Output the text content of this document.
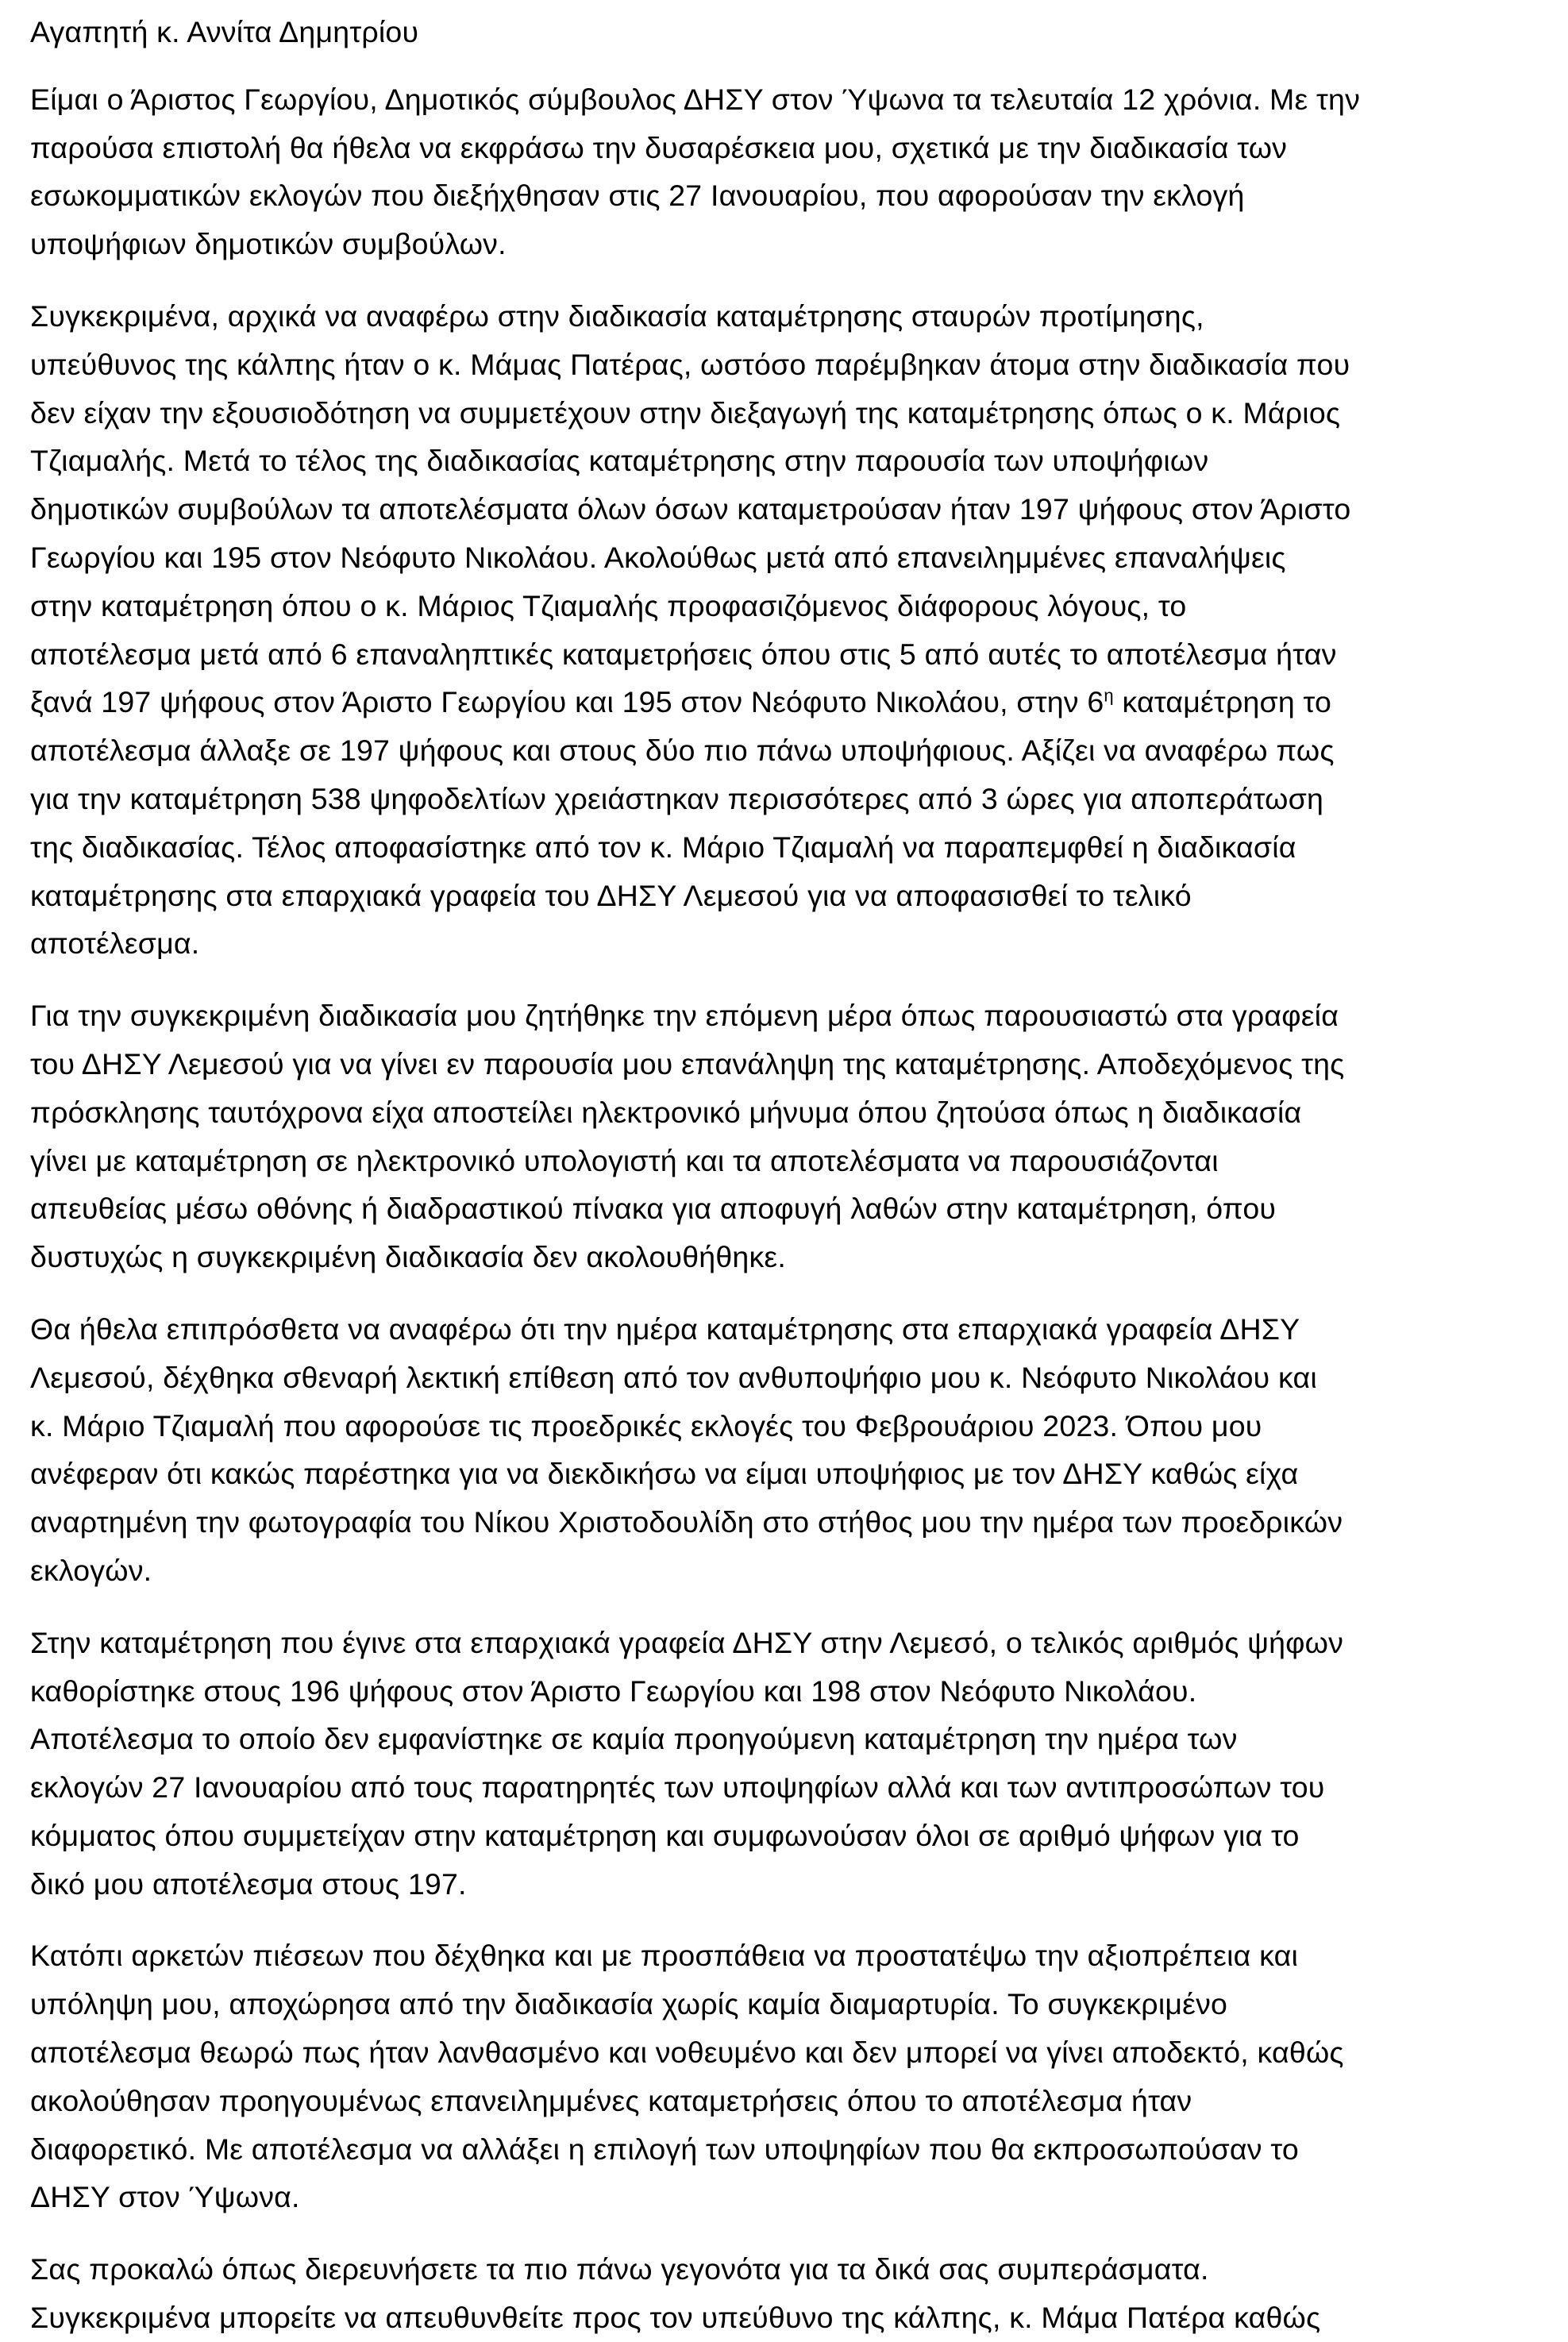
Αγαπητή κ. Αννίτα Δημητρίου
Είμαι ο Άριστος Γεωργίου, Δημοτικός σύμβουλος ΔΗΣΥ στον Ύψωνα τα τελευταία 12 χρόνια. Με την
παρούσα επιστολή θα ήθελα να εκφράσω την δυσαρέσκεια μου, σχετικά με την διαδικασία των
εσωκομματικών εκλογών που διεξήχθησαν στις 27 Ιανουαρίου, που αφορούσαν την εκλογή
υποψήφιων δημοτικών συμβούλων.
Συγκεκριμένα, αρχικά να αναφέρω στην διαδικασία καταμέτρησης σταυρών προτίμησης,
υπεύθυνος της κάλπης ήταν ο κ. Μάμας Πατέρας, ωστόσο παρέμβηκαν άτομα στην διαδικασία που
δεν είχαν την εξουσιοδότηση να συμμετέχουν στην διεξαγωγή της καταμέτρησης όπως ο κ. Μάριος
Τζιαμαλής. Μετά το τέλος της διαδικασίας καταμέτρησης στην παρουσία των υποψήφιων
δημοτικών συμβούλων τα αποτελέσματα όλων όσων καταμετρούσαν ήταν 197 ψήφους στον Άριστο
Γεωργίου και 195 στον Νεόφυτο Νικολάου. Ακολούθως μετά από επανειλημμένες επαναλήψεις
στην καταμέτρηση όπου ο κ. Μάριος Τζιαμαλής προφασιζόμενος διάφορους λόγους, το
αποτέλεσμα μετά από 6 επαναληπτικές καταμετρήσεις όπου στις 5 από αυτές το αποτέλεσμα ήταν
ξανά 197 ψήφους στον Άριστο Γεωργίου και 195 στον Νεόφυτο Νικολάου, στην $6^\eta$ καταμέτρηση το
αποτέλεσμα άλλαξε σε 197 ψήφους και στους δύο πιο πάνω υποψήφιους. Αξίζει να αναφέρω πως
για την καταμέτρηση 538 ψηφοδελτίων χρειάστηκαν περισσότερες από 3 ώρες για αποπεράτωση
της διαδικασίας. Τέλος αποφασίστηκε από τον κ. Μάριο Τζιαμαλή να παραπεμφθεί η διαδικασία
καταμέτρησης στα επαρχιακά γραφεία του ΔΗΣΥ Λεμεσού για να αποφασισθεί το τελικό
αποτέλεσμα.
Για την συγκεκριμένη διαδικασία μου ζητήθηκε την επόμενη μέρα όπως παρουσιαστώ στα γραφεία
του ΔΗΣΥ Λεμεσού για να γίνει εν παρουσία μου επανάληψη της καταμέτρησης. Αποδεχόμενος της
πρόσκλησης ταυτόχρονα είχα αποστείλει ηλεκτρονικό μήνυμα όπου ζητούσα όπως η διαδικασία
γίνει με καταμέτρηση σε ηλεκτρονικό υπολογιστή και τα αποτελέσματα να παρουσιάζονται
απευθείας μέσω οθόνης ή διαδραστικού πίνακα για αποφυγή λαθών στην καταμέτρηση, όπου
δυστυχώς η συγκεκριμένη διαδικασία δεν ακολουθήθηκε.
Θα ήθελα επιπρόσθετα να αναφέρω ότι την ημέρα καταμέτρησης στα επαρχιακά γραφεία ΔΗΣΥ
Λεμεσού, δέχθηκα σθεναρή λεκτική επίθεση από τον ανθυποψήφιο μου κ. Νεόφυτο Νικολάου και
κ. Μάριο Τζιαμαλή που αφορούσε τις προεδρικές εκλογές του Φεβρουάριου 2023. Όπου μου
ανέφεραν ότι κακώς παρέστηκα για να διεκδικήσω να είμαι υποψήφιος με τον ΔΗΣΥ καθώς είχα
αναρτημένη την φωτογραφία του Νίκου Χριστοδουλίδη στο στήθος μου την ημέρα των προεδρικών
εκλογών.
Στην καταμέτρηση που έγινε στα επαρχιακά γραφεία ΔΗΣΥ στην Λεμεσό, ο τελικός αριθμός ψήφων
καθορίστηκε στους 196 ψήφους στον Άριστο Γεωργίου και 198 στον Νεόφυτο Νικολάου.
Αποτέλεσμα το οποίο δεν εμφανίστηκε σε καμία προηγούμενη καταμέτρηση την ημέρα των
εκλογών 27 Ιανουαρίου από τους παρατηρητές των υποψηφίων αλλά και των αντιπροσώπων του
κόμματος όπου συμμετείχαν στην καταμέτρηση και συμφωνούσαν όλοι σε αριθμό ψήφων για το
δικό μου αποτέλεσμα στους 197.
Κατόπι αρκετών πιέσεων που δέχθηκα και με προσπάθεια να προστατέψω την αξιοπρέπεια και
υπόληψη μου, αποχώρησα από την διαδικασία χωρίς καμία διαμαρτυρία. Το συγκεκριμένο
αποτέλεσμα θεωρώ πως ήταν λανθασμένο και νοθευμένο και δεν μπορεί να γίνει αποδεκτό, καθώς
ακολούθησαν προηγουμένως επανειλημμένες καταμετρήσεις όπου το αποτέλεσμα ήταν
διαφορετικό. Με αποτέλεσμα να αλλάξει η επιλογή των υποψηφίων που θα εκπροσωπούσαν το
ΔΗΣΥ στον Ύψωνα.
Σας προκαλώ όπως διερευνήσετε τα πιο πάνω γεγονότα για τα δικά σας συμπεράσματα.
Συγκεκριμένα μπορείτε να απευθυνθείτε προς τον υπεύθυνο της κάλπης, κ. Μάμα Πατέρα καθώς
